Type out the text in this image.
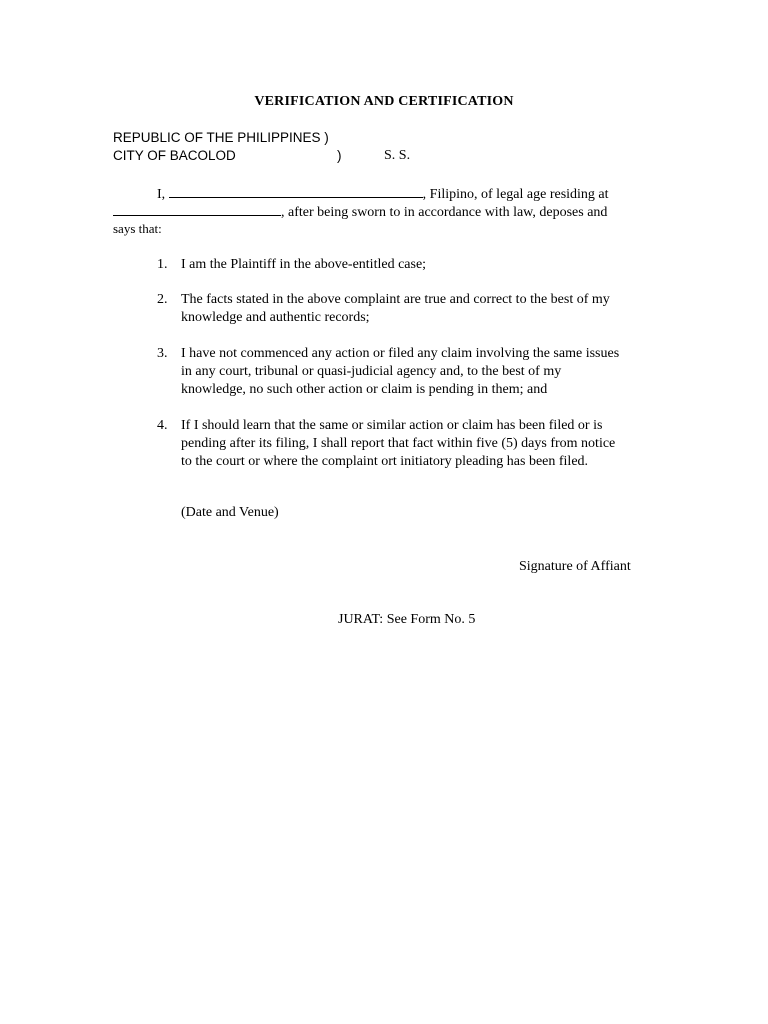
VERIFICATION AND CERTIFICATION
REPUBLIC OF THE PHILIPPINES )
CITY OF BACOLOD	)	S. S.
I,	, Filipino, of legal age residing at
, after being sworn to in accordance with law, deposes and
says that:
1. I am the Plaintiff in the above-entitled case;
2. The facts stated in the above complaint are true and correct to the best of my
knowledge and authentic records;
3. I have not commenced any action or filed any claim involving the same issues
in any court, tribunal or quasi-judicial agency and, to the best of my
knowledge, no such other action or claim is pending in them; and
4. If I should learn that the same or similar action or claim has been filed or is
pending after its filing, I shall report that fact within five (5) days from notice
to the court or where the complaint ort initiatory pleading has been filed.
(Date and Venue)
Signature of Affiant
JURAT: See Form No. 5
